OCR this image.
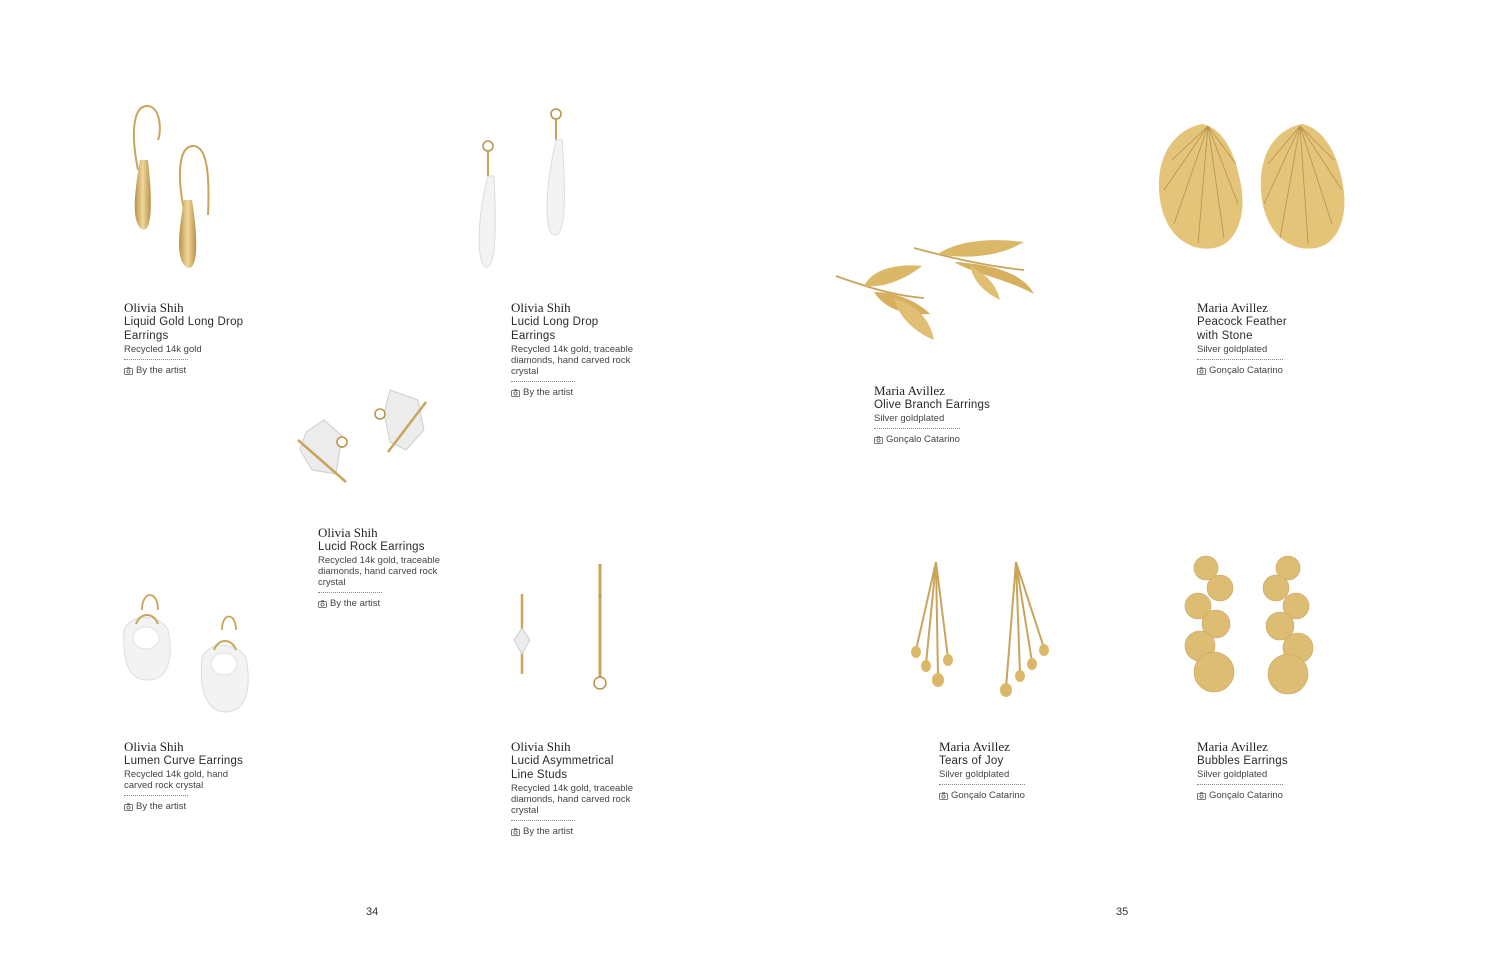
34	35
Olivia Shih
Liquid Gold Long Drop
Earrings
Recycled 14k gold
By the artist
Olivia Shih
Lucid Long Drop
Earrings
Recycled 14k gold, traceable
diamonds, hand carved rock
crystal
By the artist
Olivia Shih
Lucid Rock Earrings
Recycled 14k gold, traceable
diamonds, hand carved rock
crystal
By the artist
Olivia Shih
Lumen Curve Earrings
Recycled 14k gold, hand
carved rock crystal
By the artist
Olivia Shih
Lucid Asymmetrical
Line Studs
Recycled 14k gold, traceable
diamonds, hand carved rock
crystal
By the artist
Maria Avillez
Olive Branch Earrings
Silver goldplated
Gonçalo Catarino
Maria Avillez
Peacock Feather
with Stone
Silver goldplated
Gonçalo Catarino
Maria Avillez
Tears of Joy
Silver goldplated
Gonçalo Catarino
Maria Avillez
Bubbles Earrings
Silver goldplated
Gonçalo Catarino
